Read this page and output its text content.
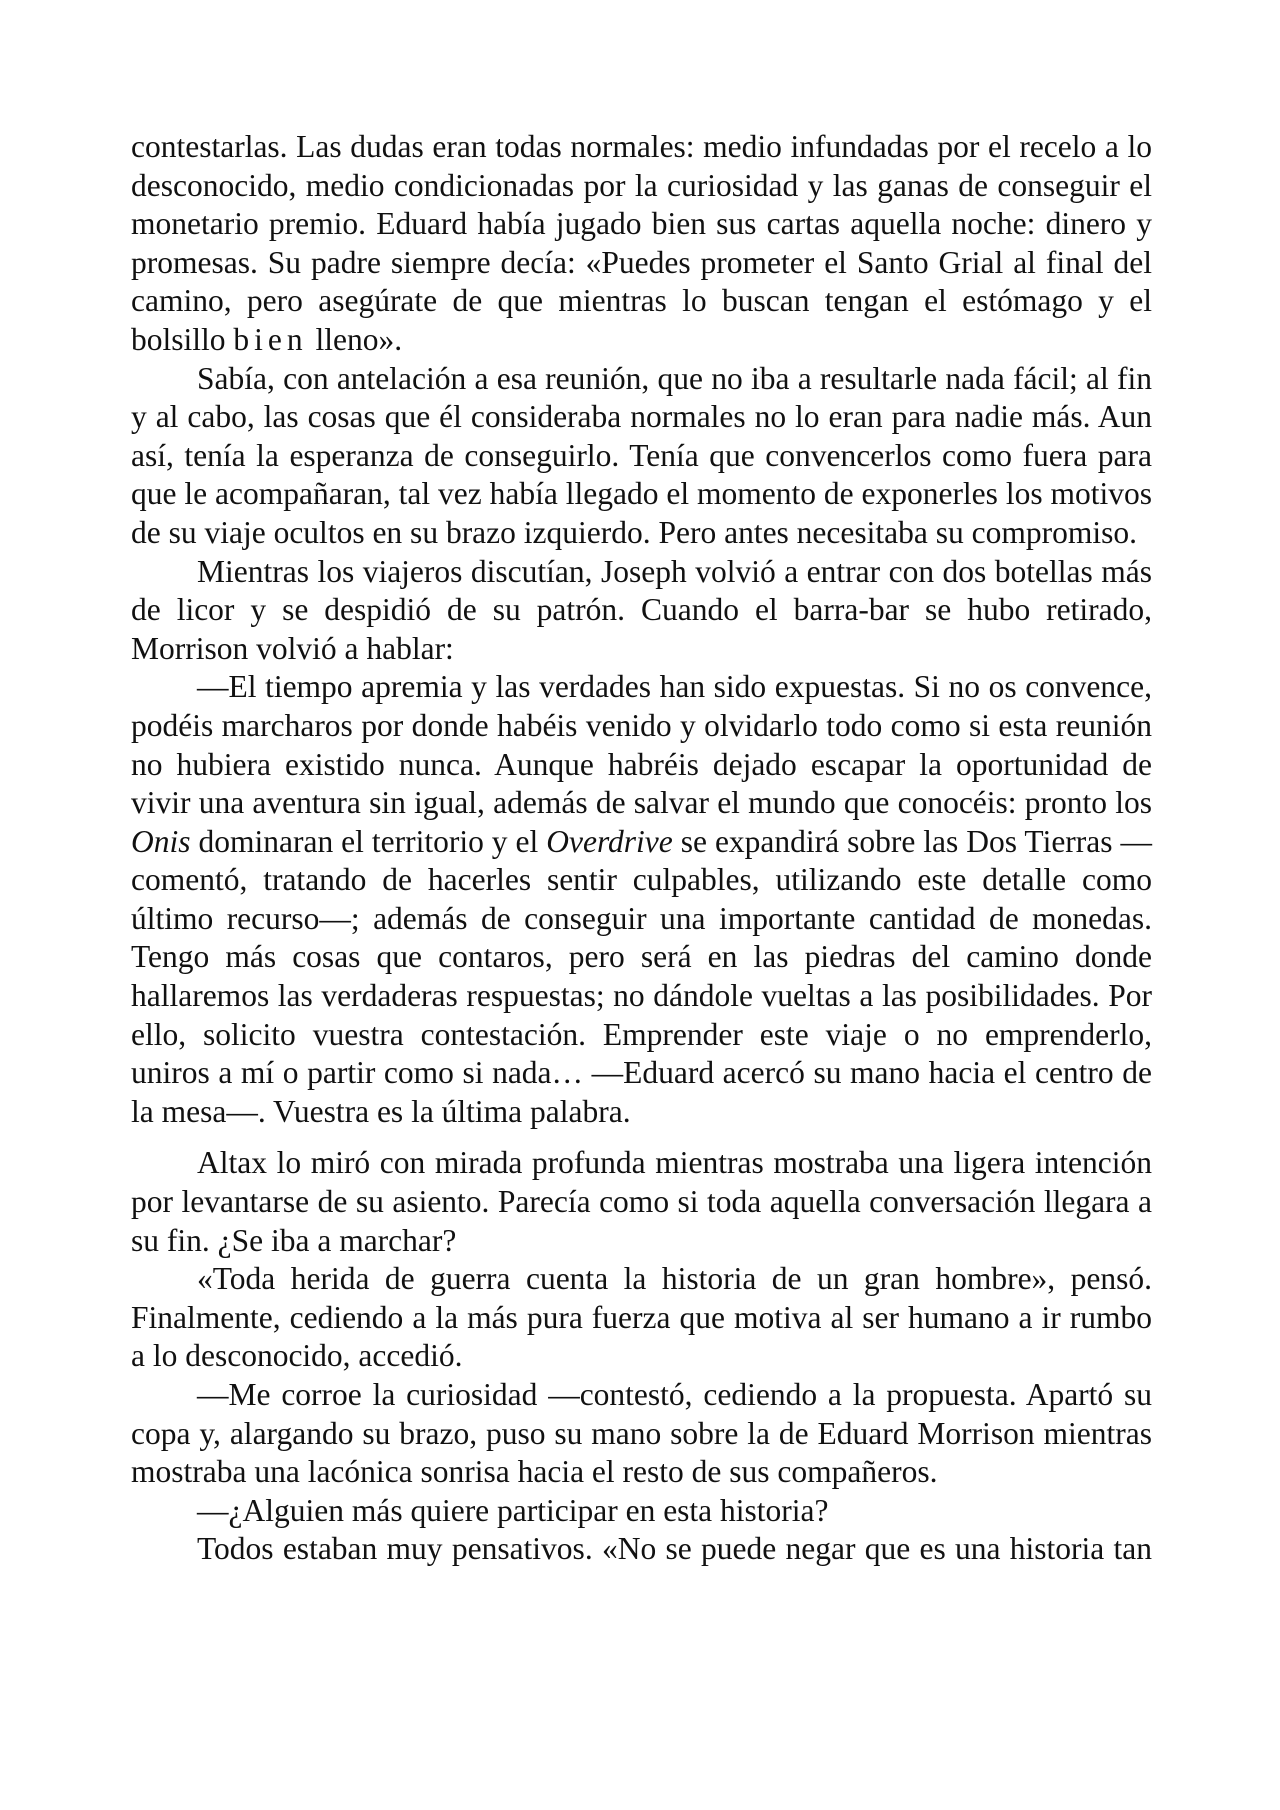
contestarlas. Las dudas eran todas normales: medio infundadas por el recelo a lo desconocido, medio condicionadas por la curiosidad y las ganas de conseguir el monetario premio. Eduard había jugado bien sus cartas aquella noche: dinero y promesas. Su padre siempre decía: «Puedes prometer el Santo Grial al final del camino, pero asegúrate de que mientras lo buscan tengan el estómago y el bolsillo bien lleno».

Sabía, con antelación a esa reunión, que no iba a resultarle nada fácil; al fin y al cabo, las cosas que él consideraba normales no lo eran para nadie más. Aun así, tenía la esperanza de conseguirlo. Tenía que convencerlos como fuera para que le acompañaran, tal vez había llegado el momento de exponerles los motivos de su viaje ocultos en su brazo izquierdo. Pero antes necesitaba su compromiso.

Mientras los viajeros discutían, Joseph volvió a entrar con dos botellas más de licor y se despidió de su patrón. Cuando el barra-bar se hubo retirado, Morrison volvió a hablar:

—El tiempo apremia y las verdades han sido expuestas. Si no os convence, podéis marcharos por donde habéis venido y olvidarlo todo como si esta reunión no hubiera existido nunca. Aunque habréis dejado escapar la oportunidad de vivir una aventura sin igual, además de salvar el mundo que conocéis: pronto los Onis dominaran el territorio y el Overdrive se expandirá sobre las Dos Tierras —comentó, tratando de hacerles sentir culpables, utilizando este detalle como último recurso—; además de conseguir una importante cantidad de monedas. Tengo más cosas que contaros, pero será en las piedras del camino donde hallaremos las verdaderas respuestas; no dándole vueltas a las posibilidades. Por ello, solicito vuestra contestación. Emprender este viaje o no emprenderlo, uniros a mí o partir como si nada… —Eduard acercó su mano hacia el centro de la mesa—. Vuestra es la última palabra.

Altax lo miró con mirada profunda mientras mostraba una ligera intención por levantarse de su asiento. Parecía como si toda aquella conversación llegara a su fin. ¿Se iba a marchar?

«Toda herida de guerra cuenta la historia de un gran hombre», pensó. Finalmente, cediendo a la más pura fuerza que motiva al ser humano a ir rumbo a lo desconocido, accedió.

—Me corroe la curiosidad —contestó, cediendo a la propuesta. Apartó su copa y, alargando su brazo, puso su mano sobre la de Eduard Morrison mientras mostraba una lacónica sonrisa hacia el resto de sus compañeros.

—¿Alguien más quiere participar en esta historia?

Todos estaban muy pensativos. «No se puede negar que es una historia tan
